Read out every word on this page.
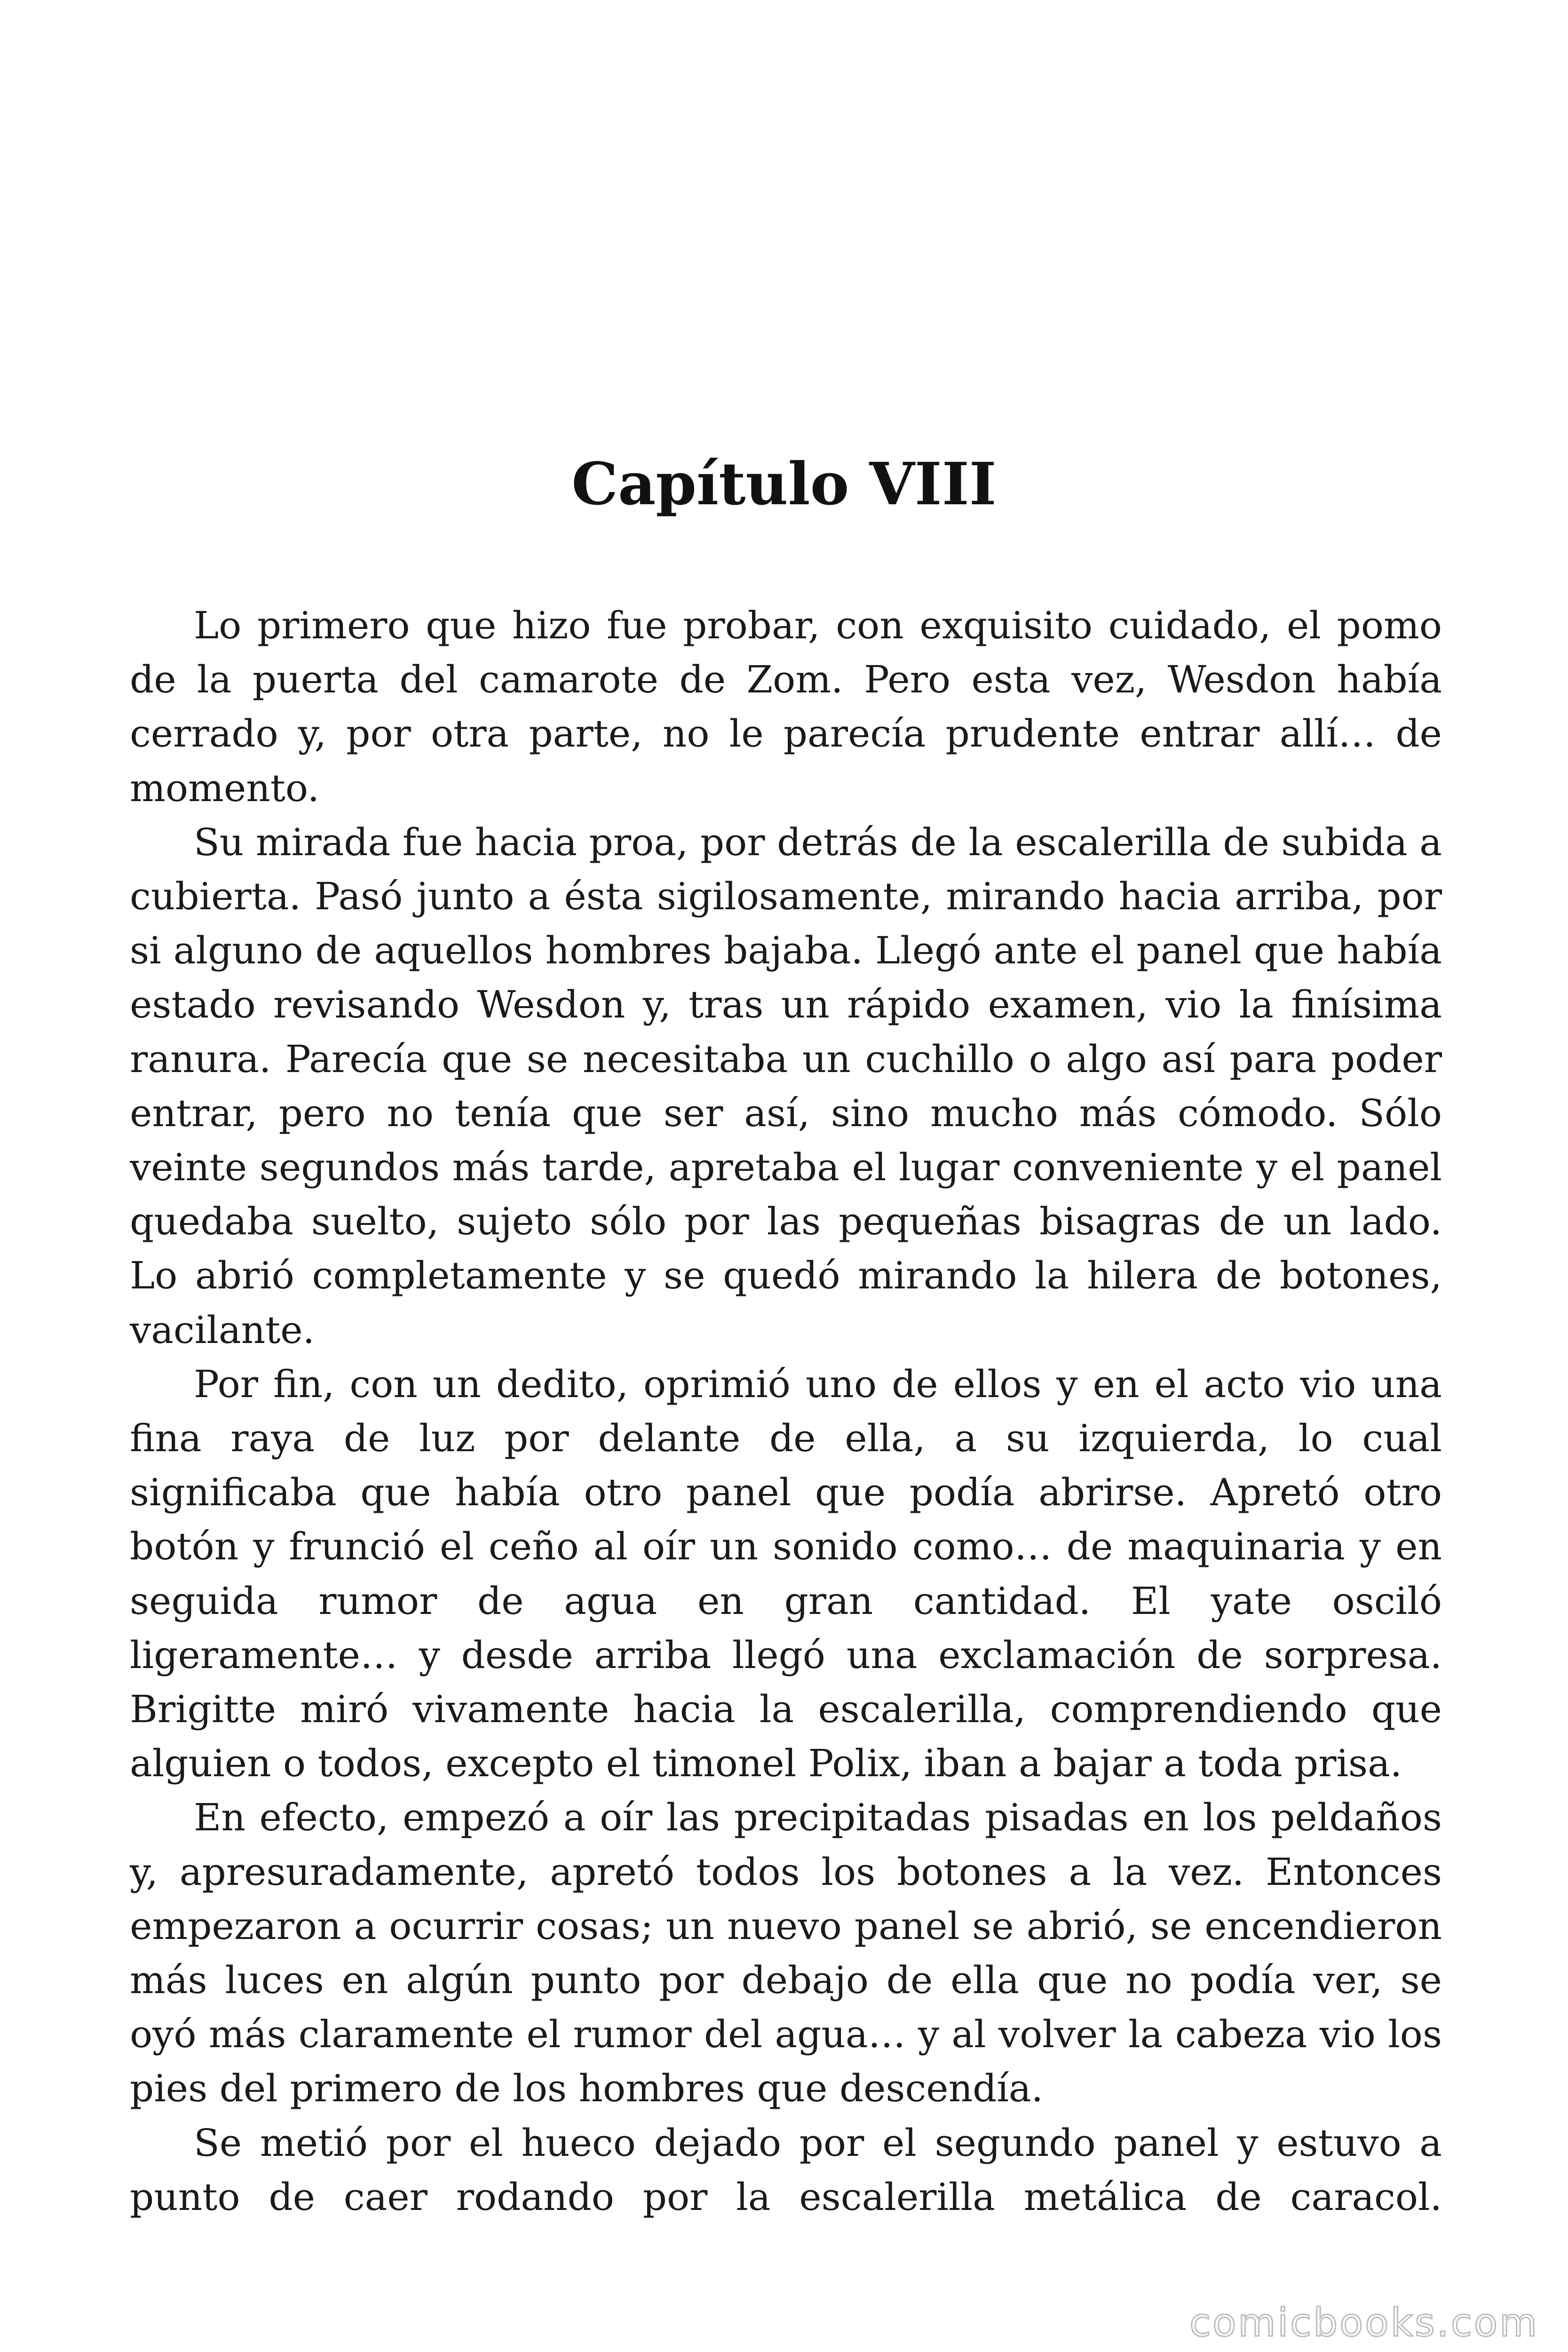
Capítulo VIII

Lo primero que hizo fue probar, con exquisito cuidado, el pomo de la puerta del camarote de Zom. Pero esta vez, Wesdon había cerrado y, por otra parte, no le parecía prudente entrar allí… de momento.

Su mirada fue hacia proa, por detrás de la escalerilla de subida a cubierta. Pasó junto a ésta sigilosamente, mirando hacia arriba, por si alguno de aquellos hombres bajaba. Llegó ante el panel que había estado revisando Wesdon y, tras un rápido examen, vio la finísima ranura. Parecía que se necesitaba un cuchillo o algo así para poder entrar, pero no tenía que ser así, sino mucho más cómodo. Sólo veinte segundos más tarde, apretaba el lugar conveniente y el panel quedaba suelto, sujeto sólo por las pequeñas bisagras de un lado. Lo abrió completamente y se quedó mirando la hilera de botones, vacilante.

Por fin, con un dedito, oprimió uno de ellos y en el acto vio una fina raya de luz por delante de ella, a su izquierda, lo cual significaba que había otro panel que podía abrirse. Apretó otro botón y frunció el ceño al oír un sonido como… de maquinaria y en seguida rumor de agua en gran cantidad. El yate osciló ligeramente… y desde arriba llegó una exclamación de sorpresa. Brigitte miró vivamente hacia la escalerilla, comprendiendo que alguien o todos, excepto el timonel Polix, iban a bajar a toda prisa.

En efecto, empezó a oír las precipitadas pisadas en los peldaños y, apresuradamente, apretó todos los botones a la vez. Entonces empezaron a ocurrir cosas; un nuevo panel se abrió, se encendieron más luces en algún punto por debajo de ella que no podía ver, se oyó más claramente el rumor del agua… y al volver la cabeza vio los pies del primero de los hombres que descendía.

Se metió por el hueco dejado por el segundo panel y estuvo a punto de caer rodando por la escalerilla metálica de caracol.

comicbooks.com
